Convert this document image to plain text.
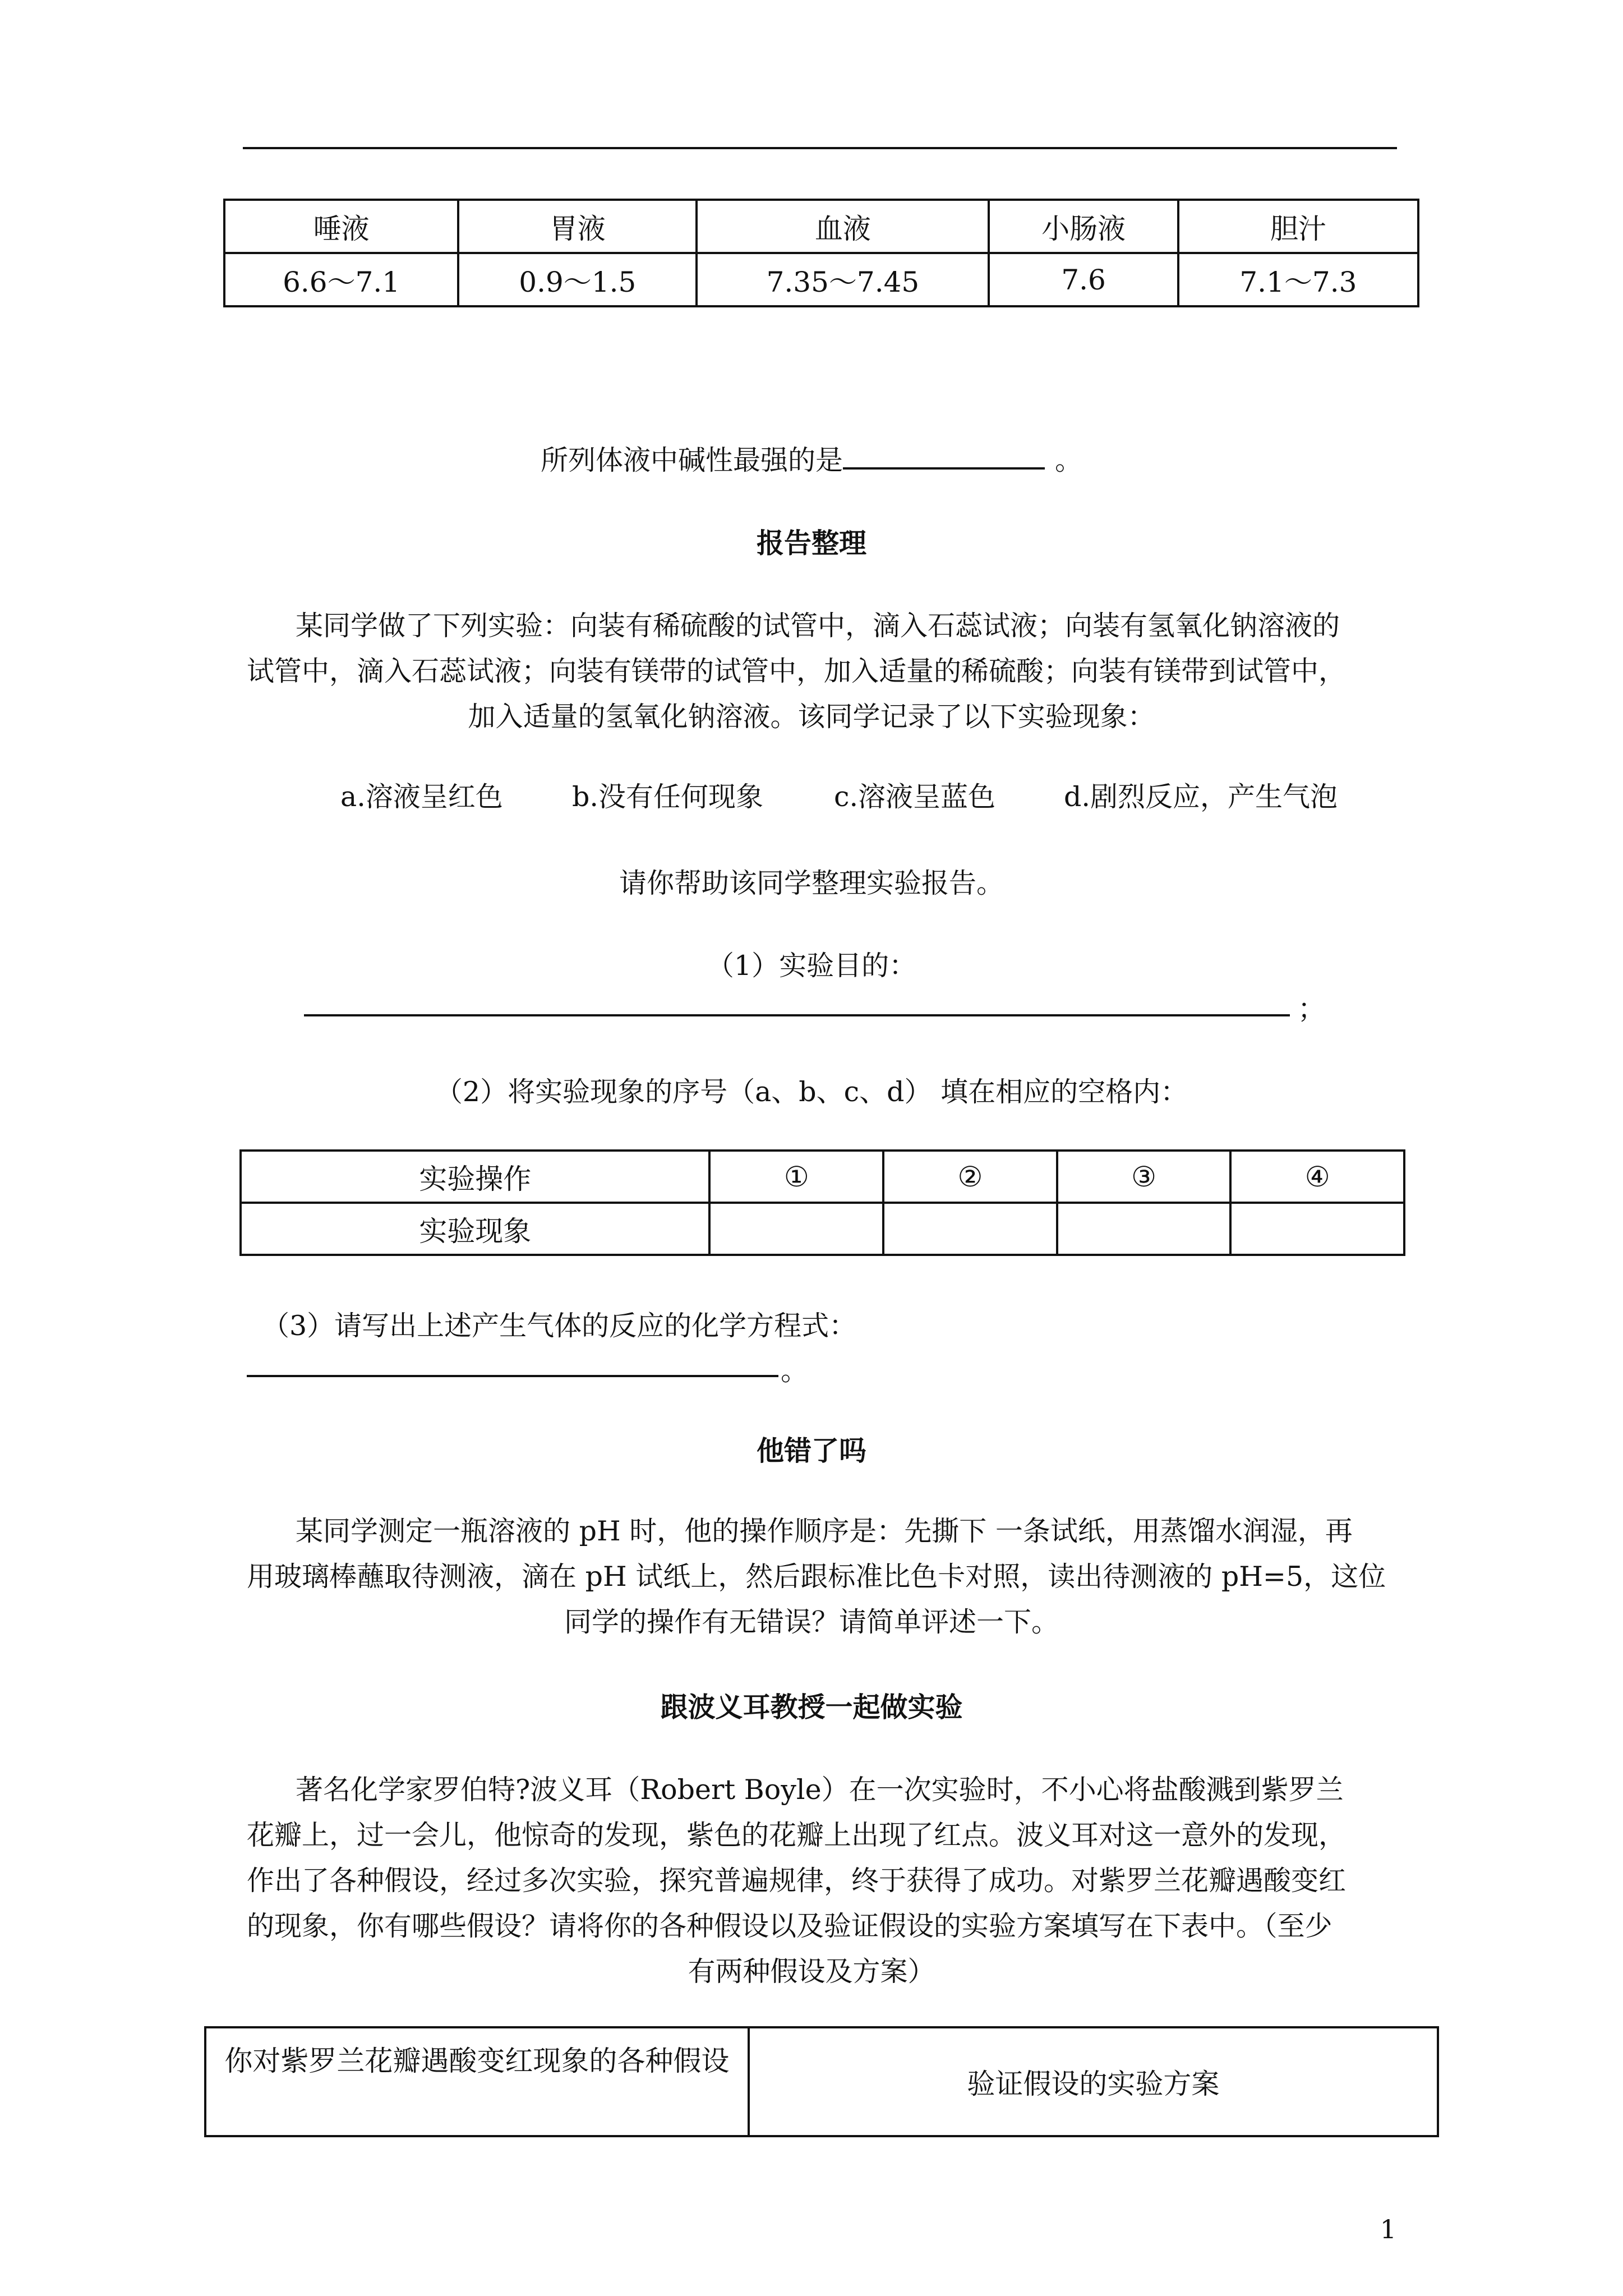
唾液	胃液	血液	小肠液	胆汁
6.6～7.1	0.9～1.5	7.35～7.45	7.6	7.1～7.3
所列体液中碱性最强的是	。
报告整理
某同学做了下列实验：向装有稀硫酸的试管中，滴入石蕊试液；向装有氢氧化钠溶液的
试管中，滴入石蕊试液；向装有镁带的试管中，加入适量的稀硫酸；向装有镁带到试管中，
加入适量的氢氧化钠溶液。该同学记录了以下实验现象：
a.溶液呈红色	b.没有任何现象	c.溶液呈蓝色 d.剧烈反应，产生气泡
请你帮助该同学整理实验报告。
（1）实验目的：
；
（2）将实验现象的序号（a、b、c、d） 填在相应的空格内：
实验操作	①	②	③	④
实验现象				
（3）请写出上述产生气体的反应的化学方程式：
。
他错了吗
某同学测定一瓶溶液的 pH 时，他的操作顺序是：先撕下 一条试纸，用蒸馏水润湿，再
用玻璃棒蘸取待测液，滴在 pH 试纸上，然后跟标准比色卡对照，读出待测液的 pH=5，这位
同学的操作有无错误？请简单评述一下。
跟波义耳教授一起做实验
著名化学家罗伯特?波义耳（Robert Boyle）在一次实验时，不小心将盐酸溅到紫罗兰
花瓣上，过一会儿，他惊奇的发现，紫色的花瓣上出现了红点。波义耳对这一意外的发现，
作出了各种假设，经过多次实验，探究普遍规律，终于获得了成功。对紫罗兰花瓣遇酸变红
的现象，你有哪些假设？请将你的各种假设以及验证假设的实验方案填写在下表中。（至少
有两种假设及方案）
你对紫罗兰花瓣遇酸变红现象的各种假设	验证假设的实验方案
1
